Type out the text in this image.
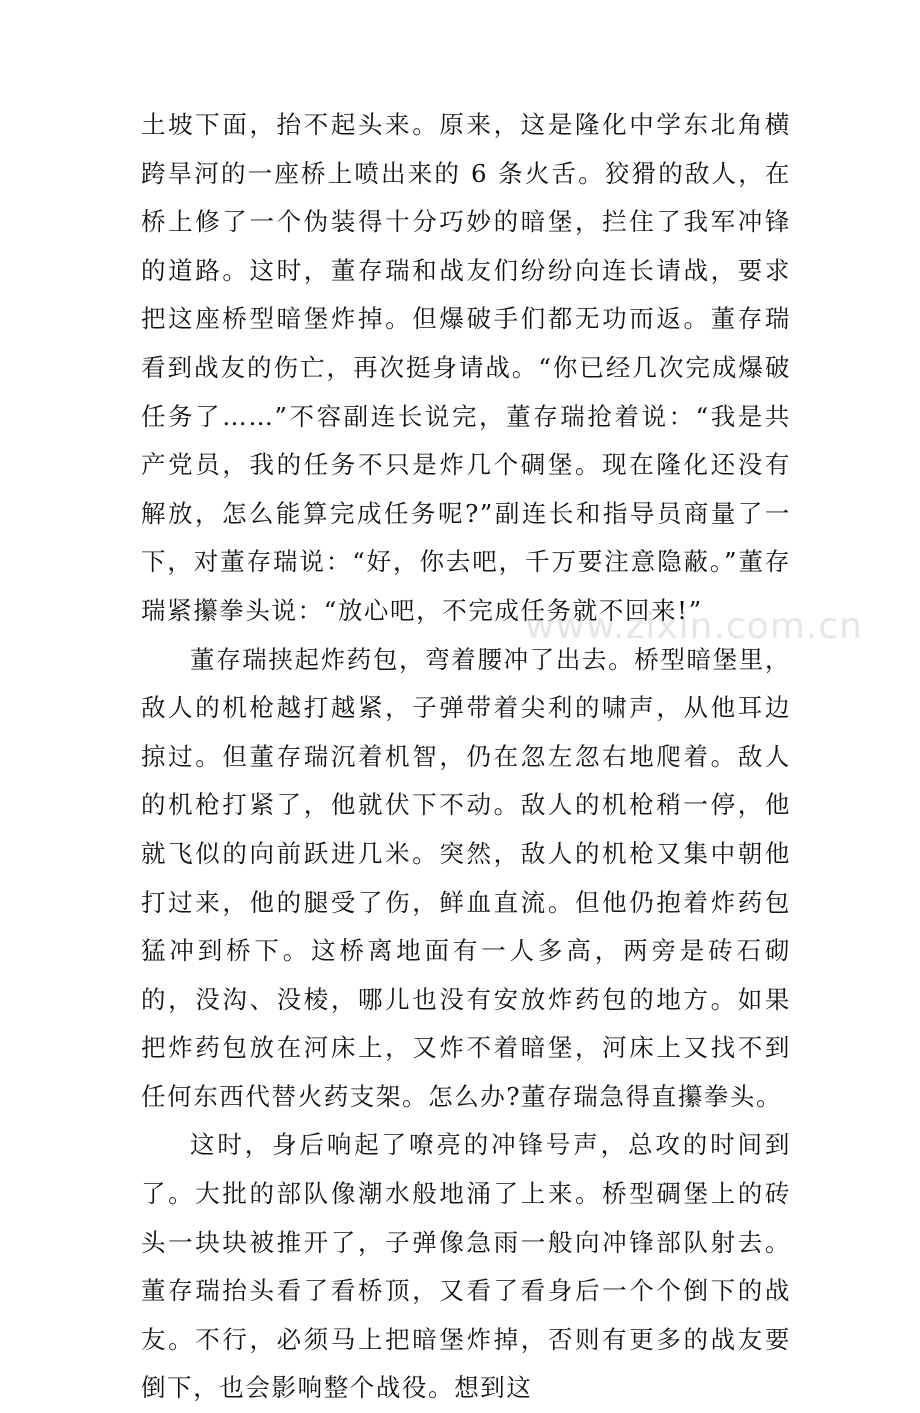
www.zixin.com.cn

土坡下面，抬不起头来。原来，这是隆化中学东北角横跨旱河的一座桥上喷出来的 6 条火舌。狡猾的敌人，在桥上修了一个伪装得十分巧妙的暗堡，拦住了我军冲锋的道路。这时，董存瑞和战友们纷纷向连长请战，要求把这座桥型暗堡炸掉。但爆破手们都无功而返。董存瑞看到战友的伤亡，再次挺身请战。“你已经几次完成爆破任务了……”不容副连长说完，董存瑞抢着说：“我是共产党员，我的任务不只是炸几个碉堡。现在隆化还没有解放，怎么能算完成任务呢?”副连长和指导员商量了一下，对董存瑞说：“好，你去吧，千万要注意隐蔽。”董存瑞紧攥拳头说：“放心吧，不完成任务就不回来!”

董存瑞挟起炸药包，弯着腰冲了出去。桥型暗堡里，敌人的机枪越打越紧，子弹带着尖利的啸声，从他耳边掠过。但董存瑞沉着机智，仍在忽左忽右地爬着。敌人的机枪打紧了，他就伏下不动。敌人的机枪稍一停，他就飞似的向前跃进几米。突然，敌人的机枪又集中朝他打过来，他的腿受了伤，鲜血直流。但他仍抱着炸药包猛冲到桥下。这桥离地面有一人多高，两旁是砖石砌的，没沟、没棱，哪儿也没有安放炸药包的地方。如果把炸药包放在河床上，又炸不着暗堡，河床上又找不到任何东西代替火药支架。怎么办?董存瑞急得直攥拳头。

这时，身后响起了嘹亮的冲锋号声，总攻的时间到了。大批的部队像潮水般地涌了上来。桥型碉堡上的砖头一块块被推开了，子弹像急雨一般向冲锋部队射去。董存瑞抬头看了看桥顶，又看了看身后一个个倒下的战友。不行，必须马上把暗堡炸掉，否则有更多的战友要倒下，也会影响整个战役。想到这
